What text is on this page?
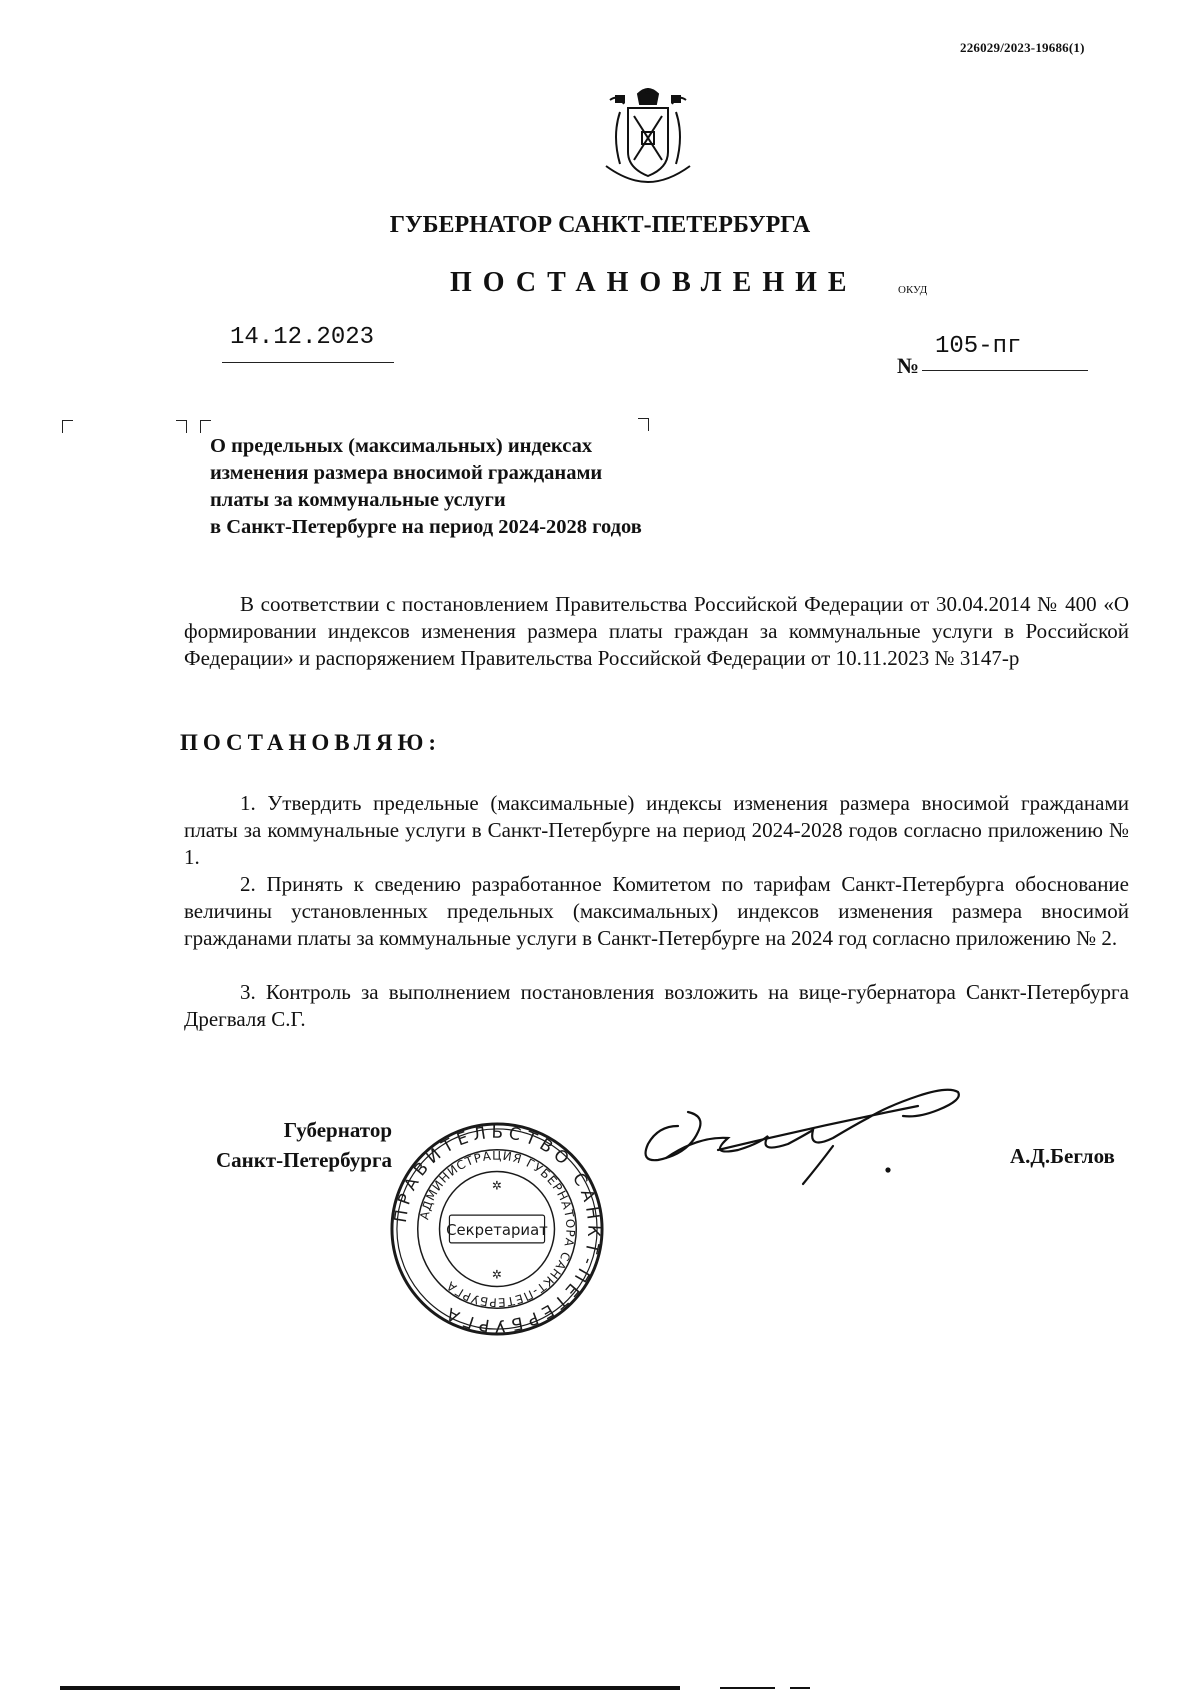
226029/2023-19686(1)
ГУБЕРНАТОР САНКТ-ПЕТЕРБУРГА
ПОСТАНОВЛЕНИЕ	ОКУД
14.12.2023
№
105-пг
О предельных (максимальных) индексах
изменения размера вносимой гражданами
платы за коммунальные услуги
в Санкт-Петербурге на период 2024-2028 годов
В соответствии с постановлением Правительства Российской Федерации от 30.04.2014 № 400 «О формировании индексов изменения размера платы граждан за коммунальные услуги в Российской Федерации» и распоряжением Правительства Российской Федерации от 10.11.2023 № 3147-р
ПОСТАНОВЛЯЮ:
1. Утвердить предельные (максимальные) индексы изменения размера вносимой гражданами платы за коммунальные услуги в Санкт-Петербурге на период 2024-2028 годов согласно приложению № 1.
2. Принять к сведению разработанное Комитетом по тарифам Санкт-Петербурга обоснование величины установленных предельных (максимальных) индексов изменения размера вносимой гражданами платы за коммунальные услуги в Санкт-Петербурге на 2024 год согласно приложению № 2.
3. Контроль за выполнением постановления возложить на вице-губернатора Санкт-Петербурга Дрегваля С.Г.
Губернатор
Санкт-Петербурга	А.Д.Беглов
ПРАВИТЕЛЬСТВО САНКТ-ПЕТЕРБУРГА
АДМИНИСТРАЦИЯ ГУБЕРНАТОРА САНКТ-ПЕТЕРБУРГА
Секретариат
✲
✲
